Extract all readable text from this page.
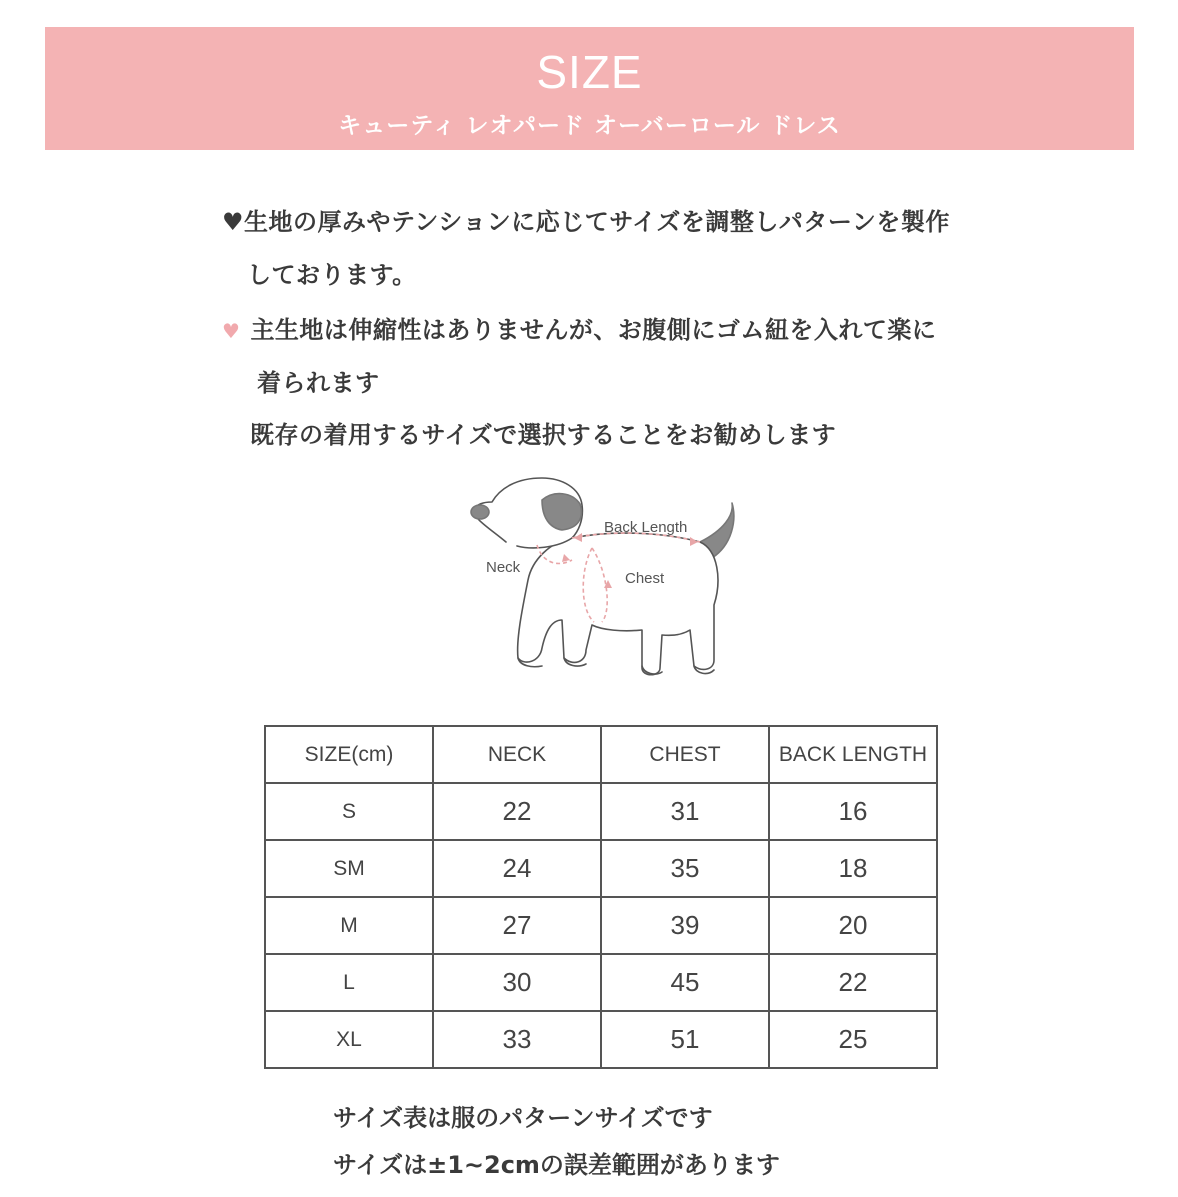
SIZE
キューティ レオパード オーバーロール ドレス
♥生地の厚みやテンションに応じてサイズを調整しパターンを製作
しております。
♥ 主生地は伸縮性はありませんが、お腹側にゴム紐を入れて楽に
着られます
既存の着用するサイズで選択することをお勧めします
Back Length
Neck
Chest
SIZE(cm)	NECK	CHEST	BACK LENGTH
S	22	31	16
SM	24	35	18
M	27	39	20
L	30	45	22
XL	33	51	25
サイズ表は服のパターンサイズです
サイズは±1~2cmの誤差範囲があります
